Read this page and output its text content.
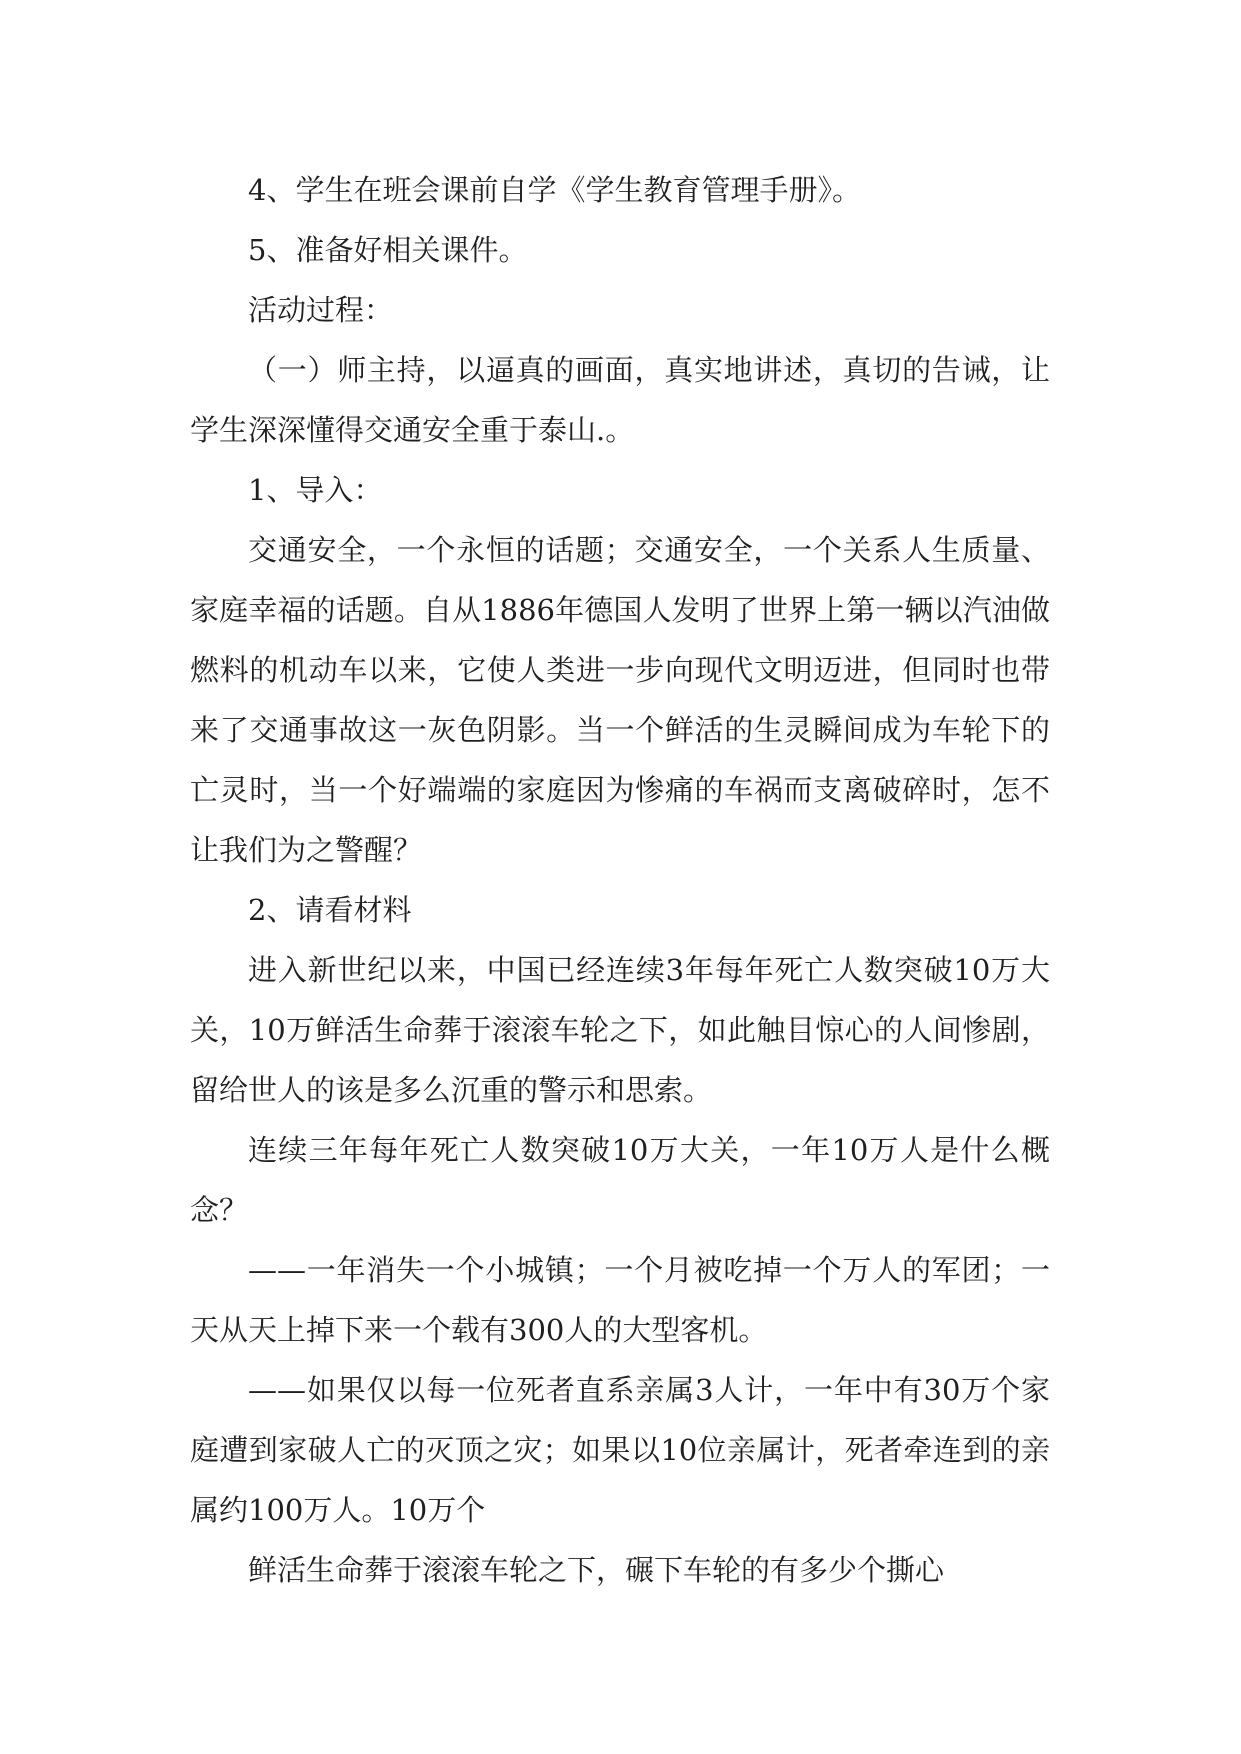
4、学生在班会课前自学《学生教育管理手册》。

5、准备好相关课件。

活动过程：

（一）师主持，以逼真的画面，真实地讲述，真切的告诫，让学生深深懂得交通安全重于泰山.。

1、导入：

交通安全，一个永恒的话题；交通安全，一个关系人生质量、家庭幸福的话题。自从1886年德国人发明了世界上第一辆以汽油做燃料的机动车以来，它使人类进一步向现代文明迈进，但同时也带来了交通事故这一灰色阴影。当一个鲜活的生灵瞬间成为车轮下的亡灵时，当一个好端端的家庭因为惨痛的车祸而支离破碎时，怎不让我们为之警醒？

2、请看材料

进入新世纪以来，中国已经连续3年每年死亡人数突破10万大关，10万鲜活生命葬于滚滚车轮之下，如此触目惊心的人间惨剧，留给世人的该是多么沉重的警示和思索。

连续三年每年死亡人数突破10万大关，一年10万人是什么概念？

——一年消失一个小城镇；一个月被吃掉一个万人的军团；一天从天上掉下来一个载有300人的大型客机。

——如果仅以每一位死者直系亲属3人计，一年中有30万个家庭遭到家破人亡的灭顶之灾；如果以10位亲属计，死者牵连到的亲属约100万人。10万个

鲜活生命葬于滚滚车轮之下，碾下车轮的有多少个撕心
